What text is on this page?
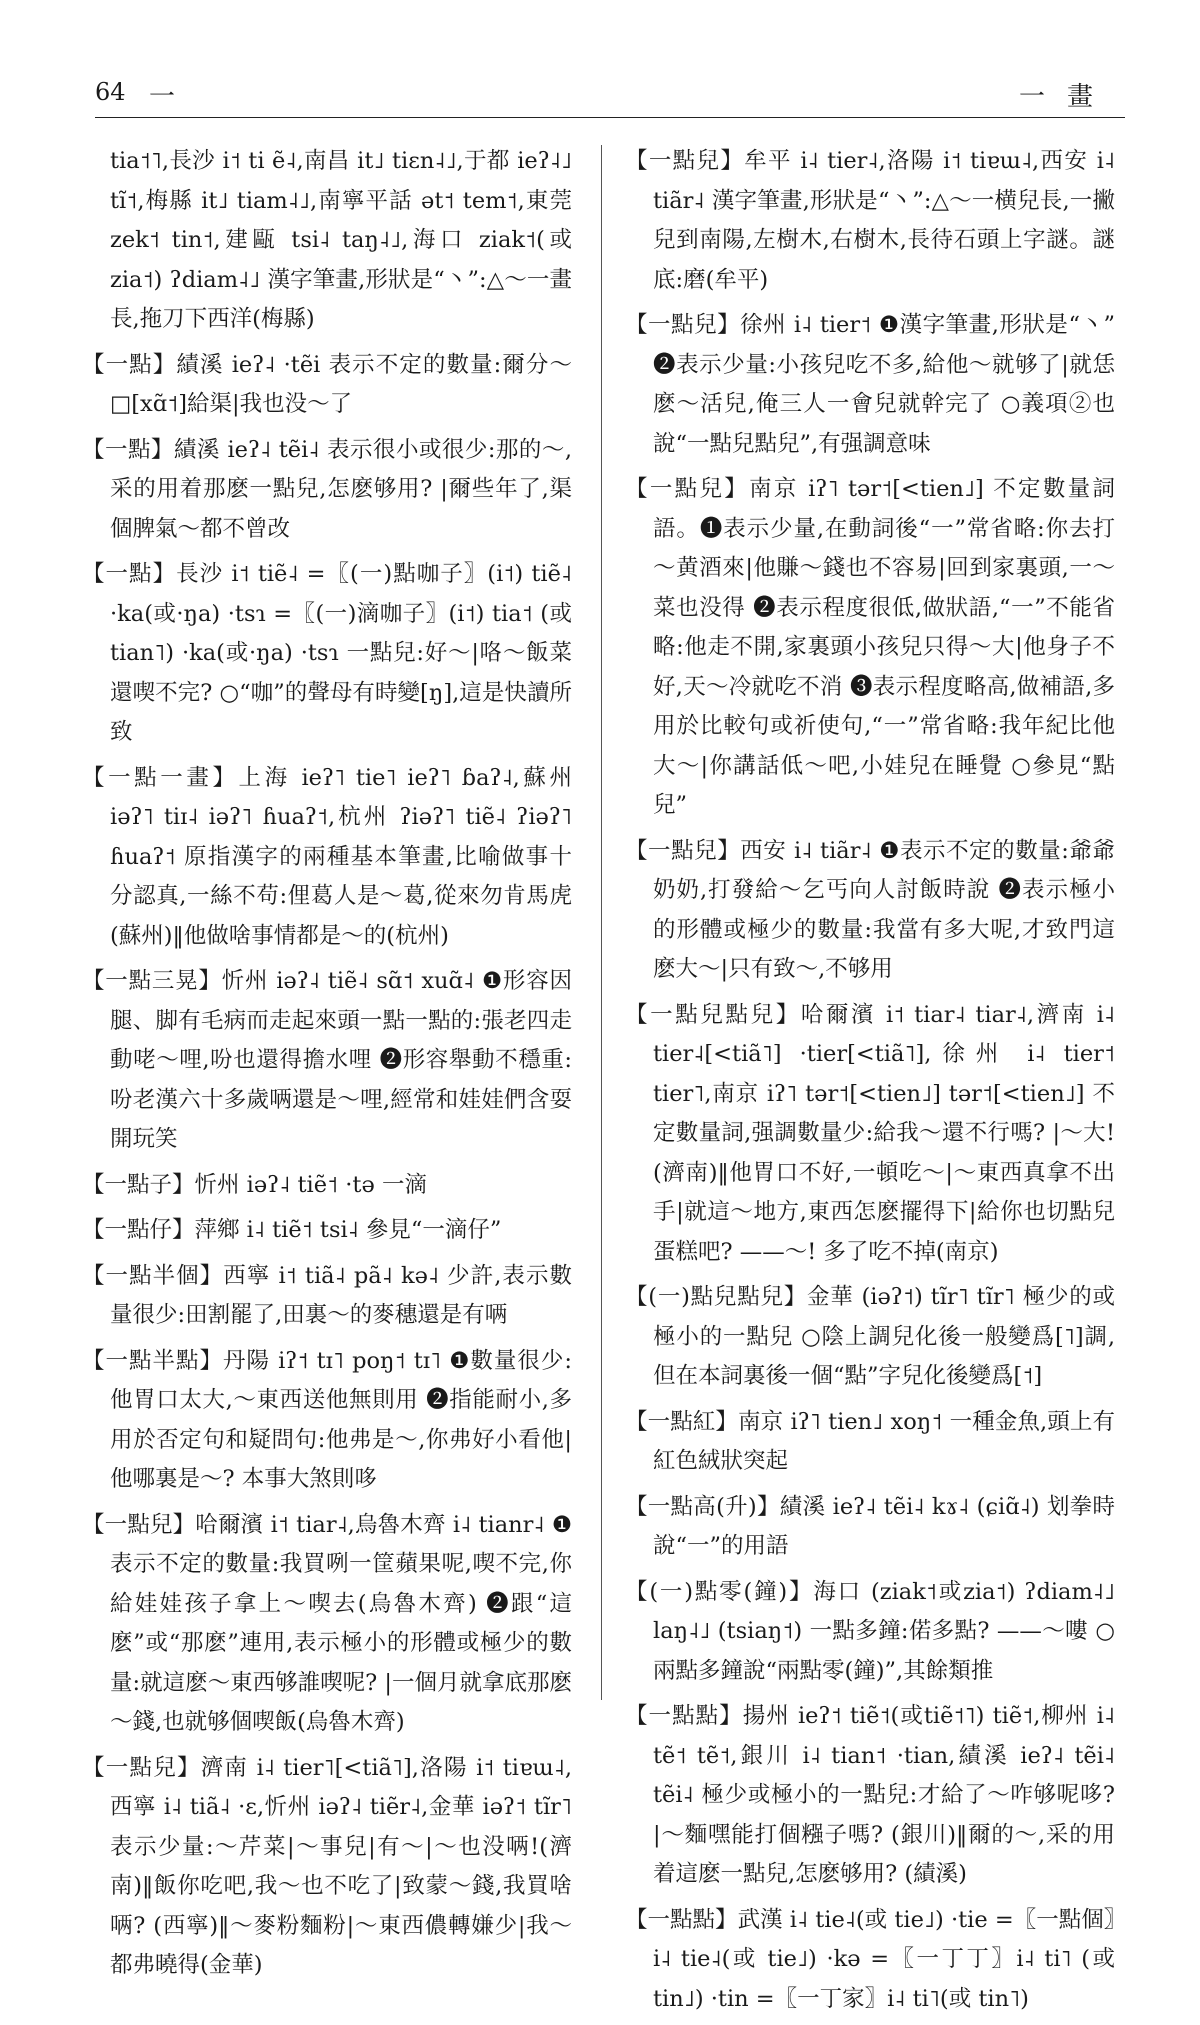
64 一	一畫
tia˦˥,長沙 i˦ ti ẽ˨,南昌 it˩ tiɛn˨˩,于都 ieʔ˨˩ tĩ˦,梅縣 it˩ tiam˨˩,南寧平話 ət˦ tem˦,東莞 zek˦ tin˦,建甌 tsi˨ taŋ˨˩,海口 ziak˦(或zia˦) ʔdiam˨˩ 漢字筆畫,形狀是“丶”:△～一畫長,拖刀下西洋(梅縣)
【一點】績溪 ieʔ˨ ·tẽi 表示不定的數量:爾分～□[xɑ̃˦]給渠|我也没～了
【一點】績溪 ieʔ˨ tẽi˨ 表示很小或很少:那的～,采的用着那麽一點兒,怎麽够用? |爾些年了,渠個脾氣～都不曾改
【一點】長沙 i˦ tiẽ˨ =〖(一)點咖子〗(i˦) tiẽ˨ ·ka(或·ŋa) ·tsɿ =〖(一)滴咖子〗(i˦) tia˦ (或tian˥) ·ka(或·ŋa) ·tsɿ 一點兒:好～|咯～飯菜還喫不完? ○“咖”的聲母有時變[ŋ],這是快讀所致
【一點一畫】上海 ieʔ˥ tie˥ ieʔ˥ ɓaʔ˨,蘇州 iəʔ˥ tiɪ˨ iəʔ˥ ɦuaʔ˦,杭州 ʔiəʔ˥ tiẽ˨ ʔiəʔ˥ ɦuaʔ˦ 原指漢字的兩種基本筆畫,比喻做事十分認真,一絲不苟:俚葛人是～葛,從來勿肯馬虎(蘇州)‖他做啥事情都是～的(杭州)
【一點三晃】忻州 iəʔ˨ tiẽ˨ sɑ̃˦ xuɑ̃˨ ❶形容因腿、脚有毛病而走起來頭一點一點的:張老四走動咾～哩,吩也還得擔水哩 ❷形容舉動不穩重:吩老漢六十多歲唡還是～哩,經常和娃娃們含耍開玩笑
【一點子】忻州 iəʔ˨ tiẽ˦ ·tə 一滴
【一點仔】萍鄉 i˨ tiẽ˦ tsi˨ 參見“一滴仔”
【一點半個】西寧 i˦ tiã˨ pã˨ kə˨ 少許,表示數量很少:田割罷了,田裏～的麥穗還是有唡
【一點半點】丹陽 iʔ˦ tɪ˥ poŋ˦ tɪ˥ ❶數量很少:他胃口太大,～東西送他無則用 ❷指能耐小,多用於否定句和疑問句:他弗是～,你弗好小看他|他哪裏是～? 本事大煞則哆
【一點兒】哈爾濱 i˦ tiar˨,烏魯木齊 i˨ tianr˨ ❶表示不定的數量:我買咧一筐蘋果呢,喫不完,你給娃娃孩子拿上～喫去(烏魯木齊) ❷跟“這麽”或“那麽”連用,表示極小的形體或極少的數量:就這麽～東西够誰喫呢? |一個月就拿底那麽～錢,也就够個喫飯(烏魯木齊)
【一點兒】濟南 i˨ tier˥[<tiã˥],洛陽 i˦ tiɐɯ˨,西寧 i˨ tiã˨ ·ɛ,忻州 iəʔ˨ tiẽr˨,金華 iəʔ˦ tĩr˥ 表示少量:～芹菜|～事兒|有～|～也没唡!(濟南)‖飯你吃吧,我～也不吃了|致蒙～錢,我買啥唡? (西寧)‖～麥粉麵粉|～東西儂轉嫌少|我～都弗曉得(金華)
【一點兒】牟平 i˨ tier˨,洛陽 i˦ tiɐɯ˨,西安 i˨ tiãr˨ 漢字筆畫,形狀是“丶”:△～一横兒長,一撇兒到南陽,左樹木,右樹木,長待石頭上字謎。謎底:磨(牟平)
【一點兒】徐州 i˨ tier˦ ❶漢字筆畫,形狀是“丶” ❷表示少量:小孩兒吃不多,給他～就够了|就恁麽～活兒,俺三人一會兒就幹完了 ○義項②也說“一點兒點兒”,有强調意味
【一點兒】南京 iʔ˥ tər˦[<tien˩] 不定數量詞語。❶表示少量,在動詞後“一”常省略:你去打～黄酒來|他賺～錢也不容易|回到家裏頭,一～菜也没得 ❷表示程度很低,做狀語,“一”不能省略:他走不開,家裏頭小孩兒只得～大|他身子不好,天～冷就吃不消 ❸表示程度略高,做補語,多用於比較句或祈使句,“一”常省略:我年紀比他大～|你講話低～吧,小娃兒在睡覺 ○參見“點兒”
【一點兒】西安 i˨ tiãr˨ ❶表示不定的數量:爺爺奶奶,打發給～乞丐向人討飯時說 ❷表示極小的形體或極少的數量:我當有多大呢,才致門這麽大～|只有致～,不够用
【一點兒點兒】哈爾濱 i˦ tiar˨ tiar˨,濟南 i˨ tier˨[<tiã˥] ·tier[<tiã˥],徐州 i˨ tier˦ tier˥,南京 iʔ˥ tər˦[<tien˩] tər˦[<tien˩] 不定數量詞,强調數量少:給我～還不行嗎? |～大!(濟南)‖他胃口不好,一頓吃～|～東西真拿不出手|就這～地方,東西怎麽擺得下|給你也切點兒蛋糕吧? ——～! 多了吃不掉(南京)
【(一)點兒點兒】金華 (iəʔ˦) tĩr˥ tĩr˥ 極少的或極小的一點兒 ○陰上調兒化後一般變爲[˥]調,但在本詞裏後一個“點”字兒化後變爲[˦]
【一點紅】南京 iʔ˥ tien˩ xoŋ˦ 一種金魚,頭上有紅色絨狀突起
【一點高(升)】績溪 ieʔ˨ tẽi˨ kɤ˨ (ɕiɑ̃˨) 划拳時說“一”的用語
【(一)點零(鐘)】海口 (ziak˦或zia˦) ʔdiam˨˩ laŋ˨˩ (tsiaŋ˦) 一點多鐘:偌多點? ——～嘍 ○兩點多鐘說“兩點零(鐘)”,其餘類推
【一點點】揚州 ieʔ˦ tiẽ˦(或tiẽ˦˥) tiẽ˦,柳州 i˨ tẽ˦ tẽ˦,銀川 i˨ tian˦ ·tian,績溪 ieʔ˨ tẽi˨ tẽi˨ 極少或極小的一點兒:才給了～咋够呢哆? |～麵嘿能打個糨子嗎? (銀川)‖爾的～,采的用着這麽一點兒,怎麽够用? (績溪)
【一點點】武漢 i˨ tie˨(或 tie˩) ·tie =〖一點個〗i˨ tie˨(或 tie˩) ·kə =〖一丁丁〗i˨ ti˥ (或 tin˩) ·tin =〖一丁家〗i˨ ti˥(或 tin˥)
